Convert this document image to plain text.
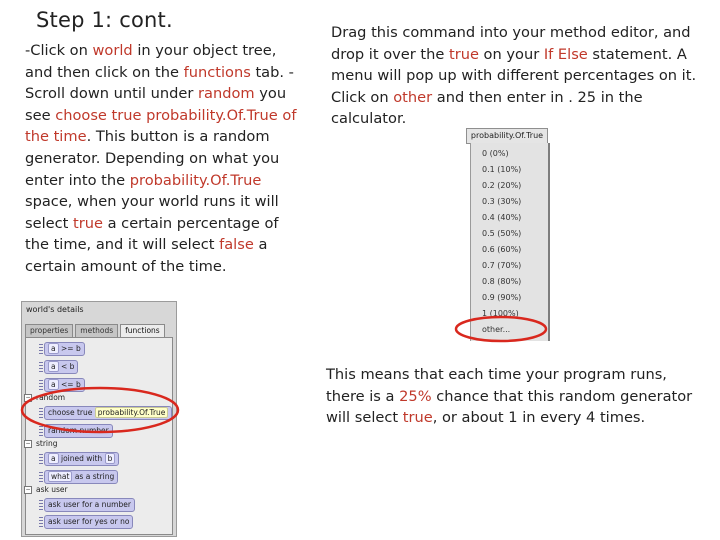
Step 1: cont.
-Click on world in your object tree, and then click on the functions tab. - Scroll down until under random you see choose true probability.Of.True of the time. This button is a random generator. Depending on what you enter into the probability.Of.True space, when your world runs it will select true a certain percentage of the time, and it will select false a certain amount of the time.
Drag this command into your method editor, and drop it over the true on your If Else statement. A menu will pop up with different percentages on it. Click on other and then enter in . 25 in the calculator.
This means that each time your program runs, there is a 25% chance that this random generator will select true, or about 1 in every 4 times.
world's details
properties	methods	functions
a >= b
a < b
a <= b
− random
choose true probability.Of.True
random number
− string
a joined with b
what as a string
− ask user
ask user for a number
ask user for yes or no
probability.Of.True
0 (0%)
0.1 (10%)
0.2 (20%)
0.3 (30%)
0.4 (40%)
0.5 (50%)
0.6 (60%)
0.7 (70%)
0.8 (80%)
0.9 (90%)
1 (100%)
other...
